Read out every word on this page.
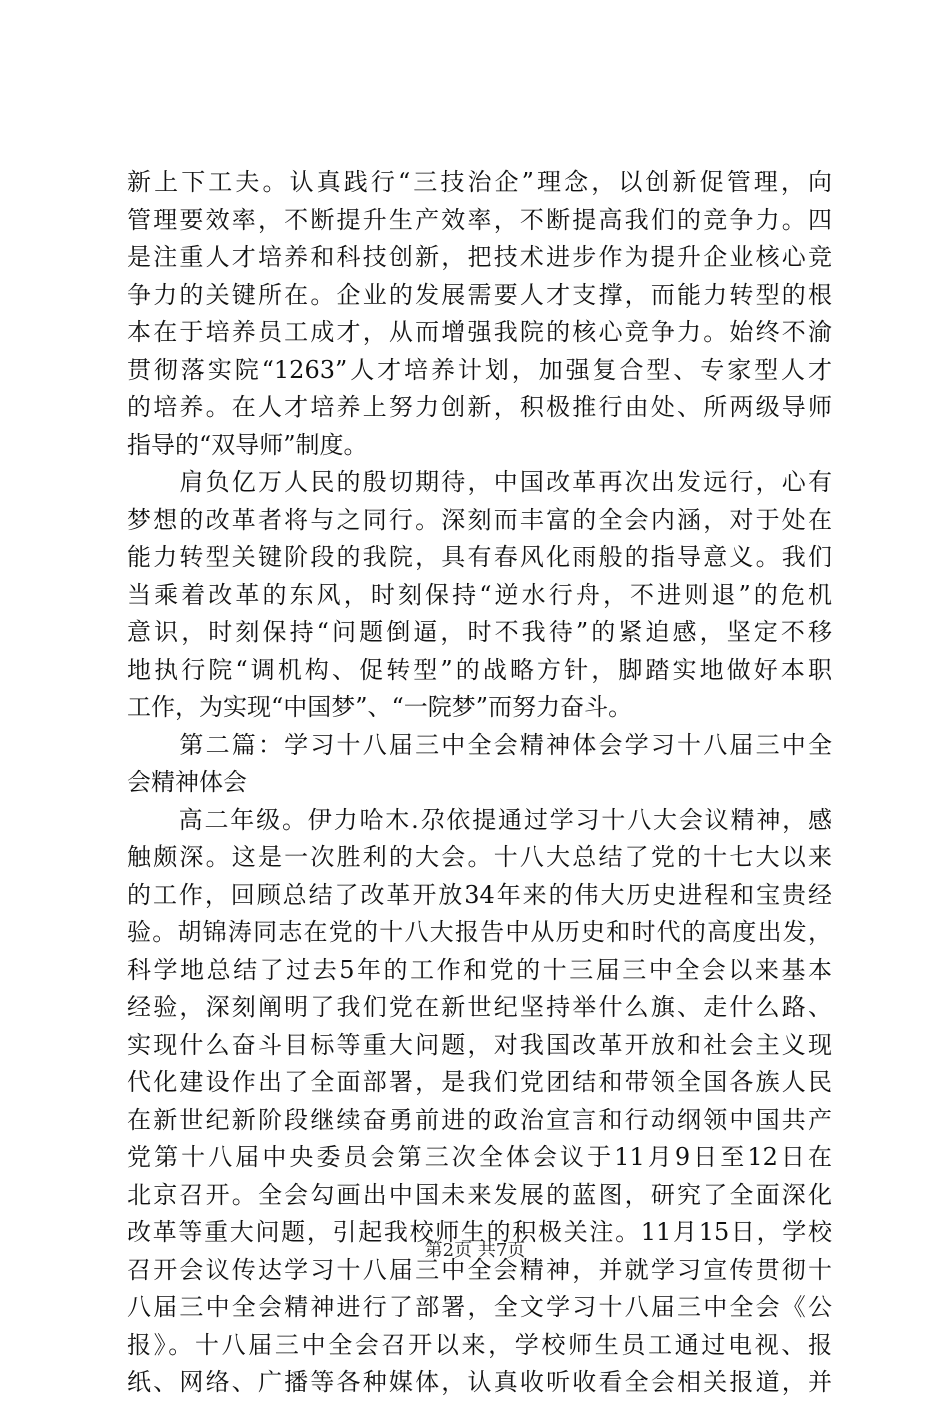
新上下工夫。认真践行“三技治企”理念，以创新促管理，向
管理要效率，不断提升生产效率，不断提高我们的竞争力。四
是注重人才培养和科技创新，把技术进步作为提升企业核心竞
争力的关键所在。企业的发展需要人才支撑，而能力转型的根
本在于培养员工成才，从而增强我院的核心竞争力。始终不渝
贯彻落实院“1263”人才培养计划，加强复合型、专家型人才
的培养。在人才培养上努力创新，积极推行由处、所两级导师
指导的“双导师”制度。
　　肩负亿万人民的殷切期待，中国改革再次出发远行，心有
梦想的改革者将与之同行。深刻而丰富的全会内涵，对于处在
能力转型关键阶段的我院，具有春风化雨般的指导意义。我们
当乘着改革的东风，时刻保持“逆水行舟，不进则退”的危机
意识，时刻保持“问题倒逼，时不我待”的紧迫感，坚定不移
地执行院“调机构、促转型”的战略方针，脚踏实地做好本职
工作，为实现“中国梦”、“一院梦”而努力奋斗。
　　第二篇：学习十八届三中全会精神体会学习十八届三中全
会精神体会
　　高二年级。伊力哈木.尕依提通过学习十八大会议精神，感
触颇深。这是一次胜利的大会。十八大总结了党的十七大以来
的工作，回顾总结了改革开放34年来的伟大历史进程和宝贵经
验。胡锦涛同志在党的十八大报告中从历史和时代的高度出发，
科学地总结了过去5年的工作和党的十三届三中全会以来基本
经验，深刻阐明了我们党在新世纪坚持举什么旗、走什么路、
实现什么奋斗目标等重大问题，对我国改革开放和社会主义现
代化建设作出了全面部署，是我们党团结和带领全国各族人民
在新世纪新阶段继续奋勇前进的政治宣言和行动纲领中国共产
党第十八届中央委员会第三次全体会议于11月9日至12日在
北京召开。全会勾画出中国未来发展的蓝图，研究了全面深化
改革等重大问题，引起我校师生的积极关注。11月15日，学校
召开会议传达学习十八届三中全会精神，并就学习宣传贯彻十
八届三中全会精神进行了部署，全文学习十八届三中全会《公
报》。十八届三中全会召开以来，学校师生员工通过电视、报
纸、网络、广播等各种媒体，认真收听收看全会相关报道，并
第2页 共7页
